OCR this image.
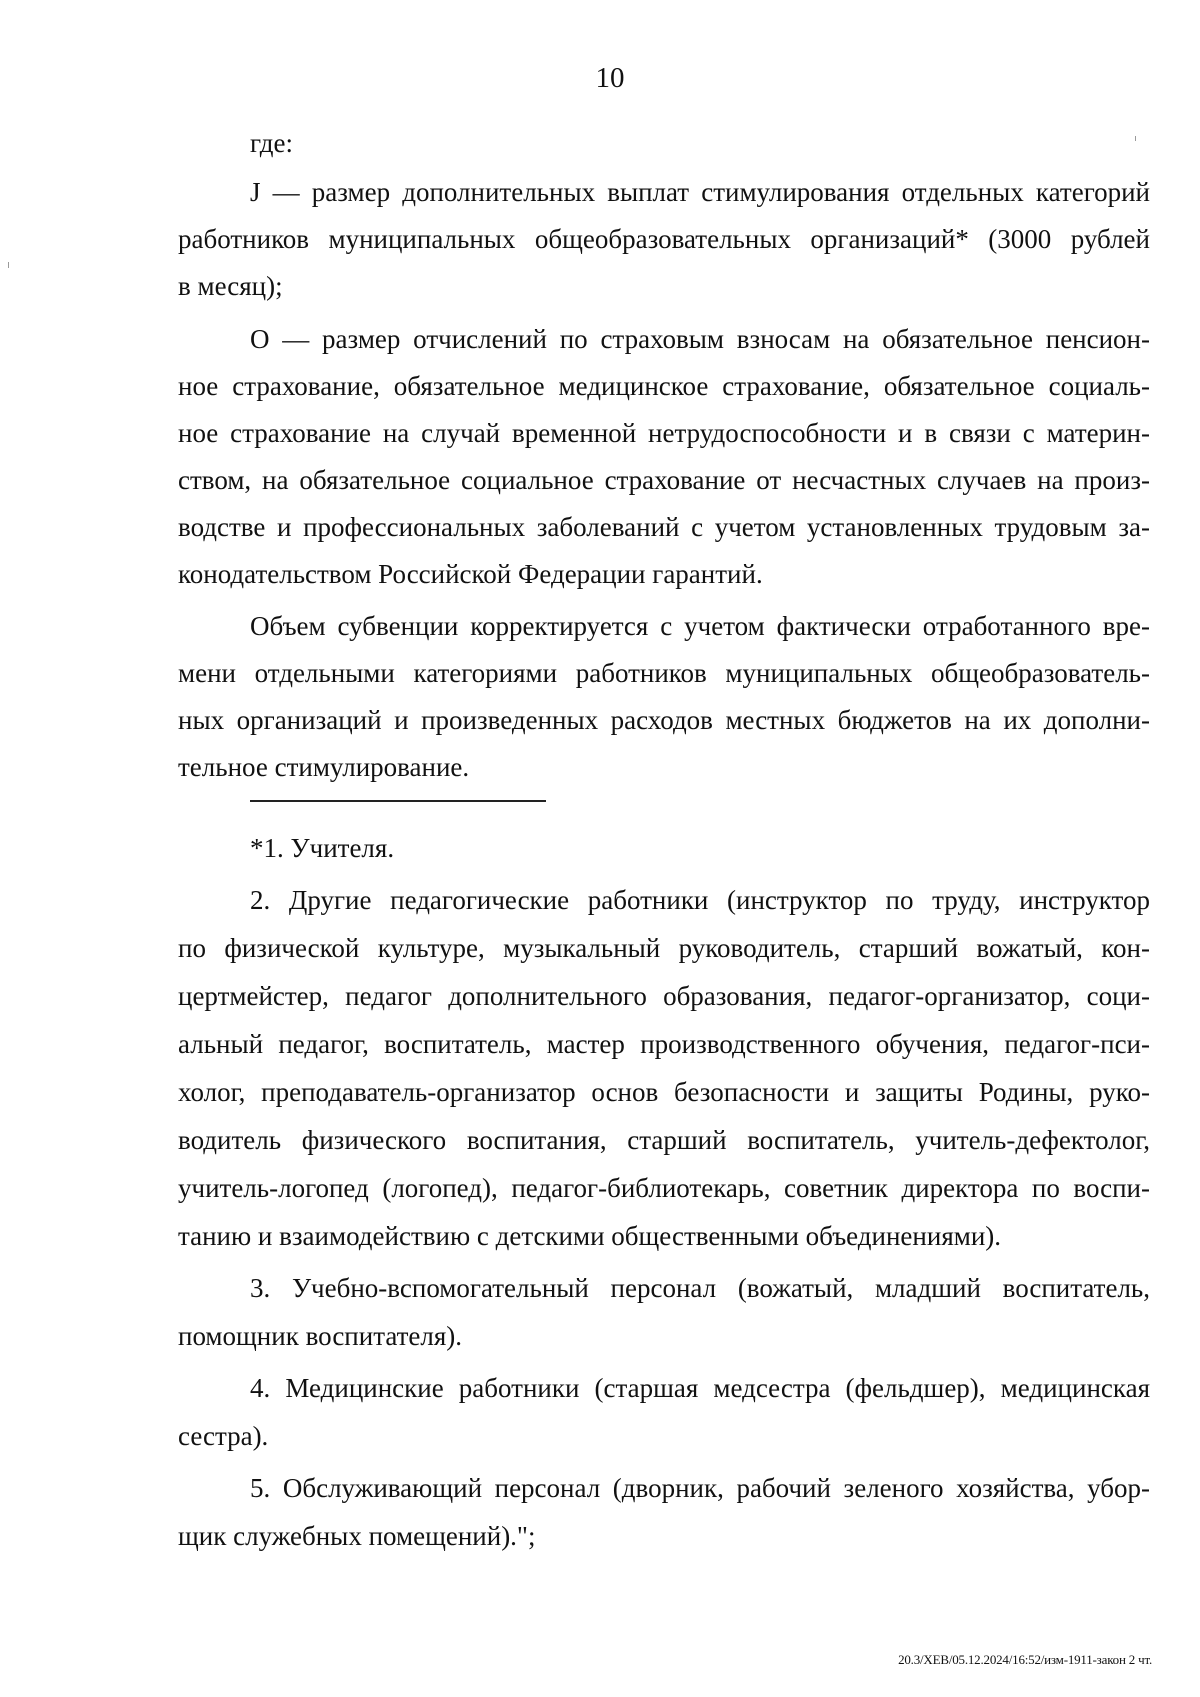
10
где:
J — размер дополнительных выплат стимулирования отдельных категорий
работников муниципальных общеобразовательных организаций* (3000 рублей
в месяц);
О — размер отчислений по страховым взносам на обязательное пенсион-
ное страхование, обязательное медицинское страхование, обязательное социаль-
ное страхование на случай временной нетрудоспособности и в связи с материн-
ством, на обязательное социальное страхование от несчастных случаев на произ-
водстве и профессиональных заболеваний с учетом установленных трудовым за-
конодательством Российской Федерации гарантий.
Объем субвенции корректируется с учетом фактически отработанного вре-
мени отдельными категориями работников муниципальных общеобразователь-
ных организаций и произведенных расходов местных бюджетов на их дополни-
тельное стимулирование.
*1. Учителя.
2. Другие педагогические работники (инструктор по труду, инструктор
по физической культуре, музыкальный руководитель, старший вожатый, кон-
цертмейстер, педагог дополнительного образования, педагог-организатор, соци-
альный педагог, воспитатель, мастер производственного обучения, педагог-пси-
холог, преподаватель-организатор основ безопасности и защиты Родины, руко-
водитель физического воспитания, старший воспитатель, учитель-дефектолог,
учитель-логопед (логопед), педагог-библиотекарь, советник директора по воспи-
танию и взаимодействию с детскими общественными объединениями).
3. Учебно-вспомогательный персонал (вожатый, младший воспитатель,
помощник воспитателя).
4. Медицинские работники (старшая медсестра (фельдшер), медицинская
сестра).
5. Обслуживающий персонал (дворник, рабочий зеленого хозяйства, убор-
щик служебных помещений).";
20.3/ХЕВ/05.12.2024/16:52/изм-1911-закон 2 чт.
